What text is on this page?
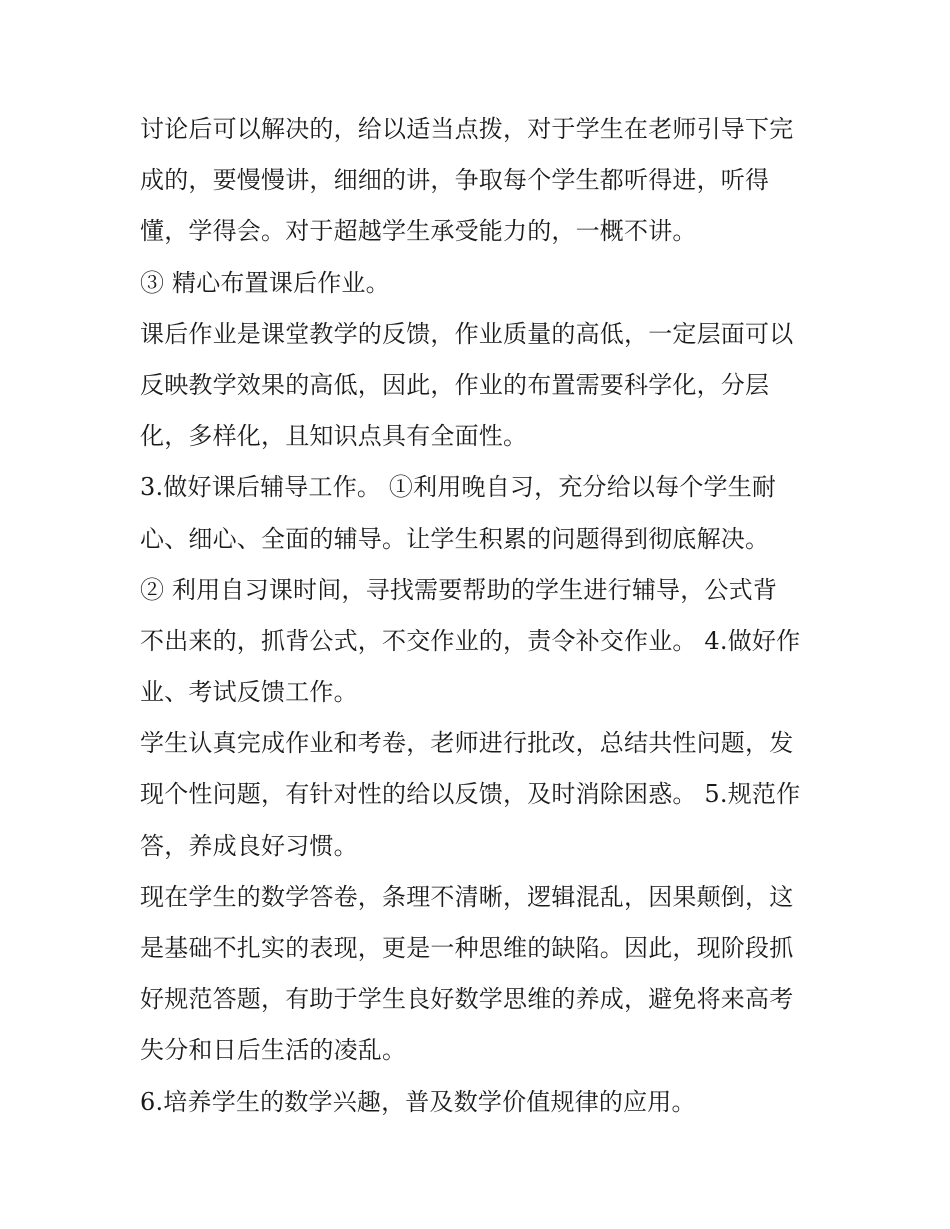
讨论后可以解决的，给以适当点拨，对于学生在老师引导下完
成的，要慢慢讲，细细的讲，争取每个学生都听得进，听得
懂，学得会。对于超越学生承受能力的，一概不讲。
③ 精心布置课后作业。
课后作业是课堂教学的反馈，作业质量的高低，一定层面可以
反映教学效果的高低，因此，作业的布置需要科学化，分层
化，多样化，且知识点具有全面性。
3.做好课后辅导工作。 ①利用晚自习，充分给以每个学生耐
心、细心、全面的辅导。让学生积累的问题得到彻底解决。
② 利用自习课时间，寻找需要帮助的学生进行辅导，公式背
不出来的，抓背公式，不交作业的，责令补交作业。 4.做好作
业、考试反馈工作。
学生认真完成作业和考卷，老师进行批改，总结共性问题，发
现个性问题，有针对性的给以反馈，及时消除困惑。 5.规范作
答，养成良好习惯。
现在学生的数学答卷，条理不清晰，逻辑混乱，因果颠倒，这
是基础不扎实的表现，更是一种思维的缺陷。因此，现阶段抓
好规范答题，有助于学生良好数学思维的养成，避免将来高考
失分和日后生活的凌乱。
6.培养学生的数学兴趣，普及数学价值规律的应用。
